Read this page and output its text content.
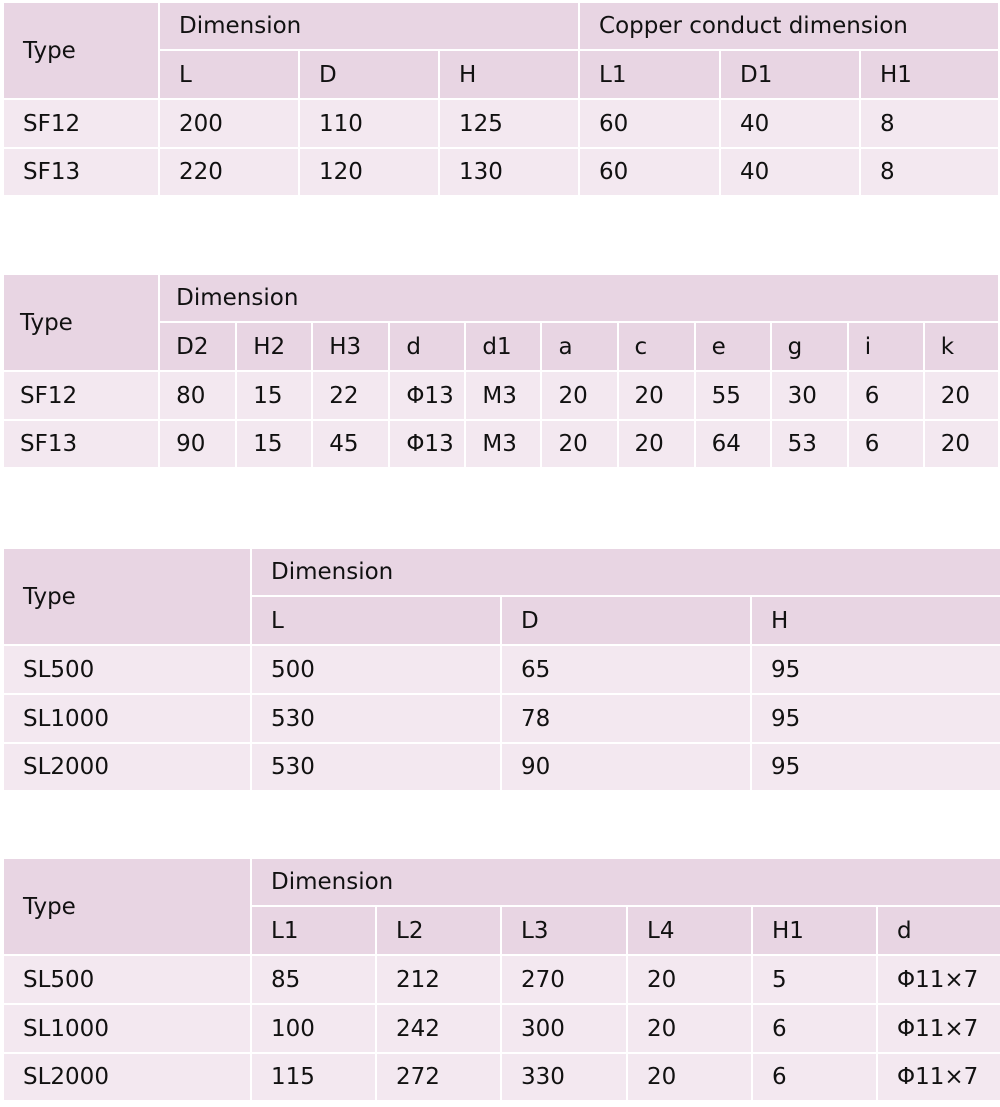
Type	Dimension			Copper conduct dimension		
	L	D	H	L1	D1	H1
SF12	200	110	125	60	40	8
SF13	220	120	130	60	40	8
Type	Dimension										
	D2	H2	H3	d	d1	a	c	e	g	i	k
SF12	80	15	22	Φ13	M3	20	20	55	30	6	20
SF13	90	15	45	Φ13	M3	20	20	64	53	6	20
Type	Dimension		
	L	D	H
SL500	500	65	95
SL1000	530	78	95
SL2000	530	90	95
Type	Dimension					
	L1	L2	L3	L4	H1	d
SL500	85	212	270	20	5	Φ11×7
SL1000	100	242	300	20	6	Φ11×7
SL2000	115	272	330	20	6	Φ11×7
